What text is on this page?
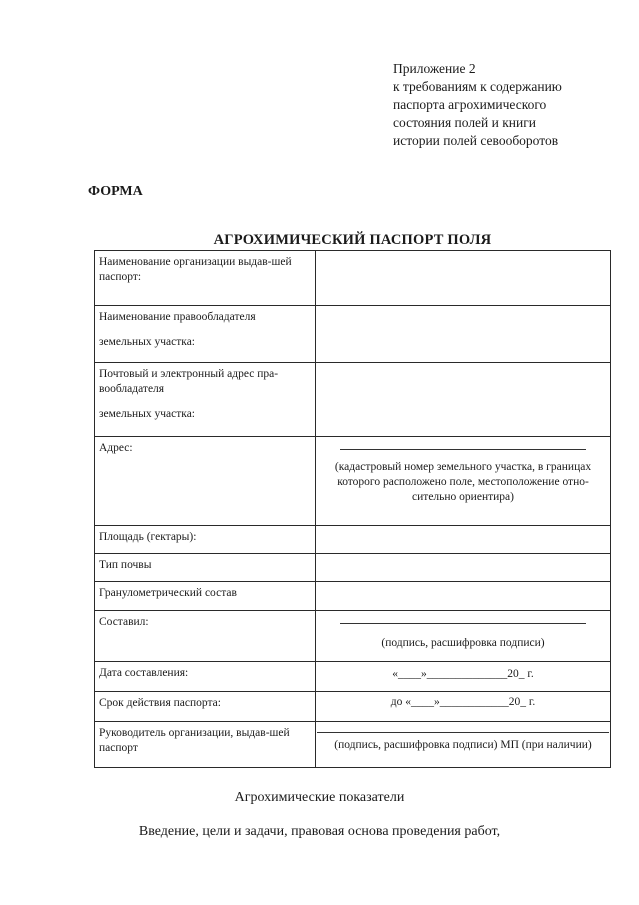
Приложение 2
к требованиям к содержанию
паспорта агрохимического
состояния полей и книги
истории полей севооборотов
ФОРМА
АГРОХИМИЧЕСКИЙ ПАСПОРТ ПОЛЯ
Наименование организации выдав-шей паспорт:	

Наименование правообладателя
земельных участка:	

Почтовый и электронный адрес пра-вообладателя
земельных участка:	

Адрес:	(кадастровый номер земельного участка, в границах которого расположено поле, местоположение отно-сительно ориентира)

Площадь (гектары):	
Тип почвы	
Гранулометрический состав	
Составил:	(подпись, расшифровка подписи)

Дата составления:	«____»______________20_ г.
Срок действия паспорта:	до «____»____________20_ г.
Руководитель организации, выдав-шей паспорт	(подпись, расшифровка подписи) МП (при наличии)
Агрохимические показатели
Введение, цели и задачи, правовая основа проведения работ,
